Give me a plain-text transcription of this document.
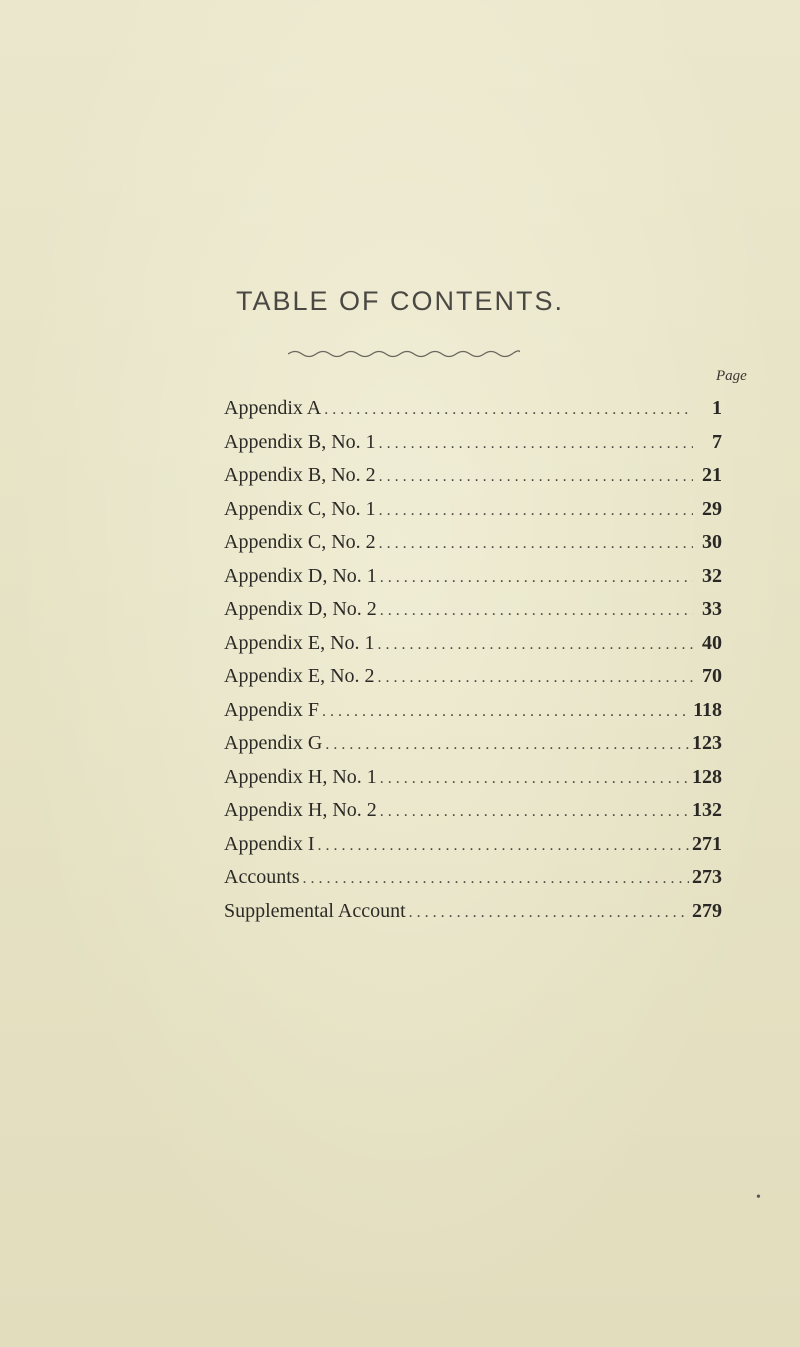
TABLE OF CONTENTS.
Page
Appendix A . . .	1
Appendix B, No. 1 . . .	7
Appendix B, No. 2 . . .	21
Appendix C, No. 1 . . .	29
Appendix C, No. 2 . . .	30
Appendix D, No. 1 . . .	32
Appendix D, No. 2 . . .	33
Appendix E, No. 1 . . .	40
Appendix E, No. 2 . . .	70
Appendix F . . .	118
Appendix G . . .	123
Appendix H, No. 1 . . .	128
Appendix H, No. 2 . . .	132
Appendix I . . .	271
Accounts . . .	273
Supplemental Account . . .	279
•
